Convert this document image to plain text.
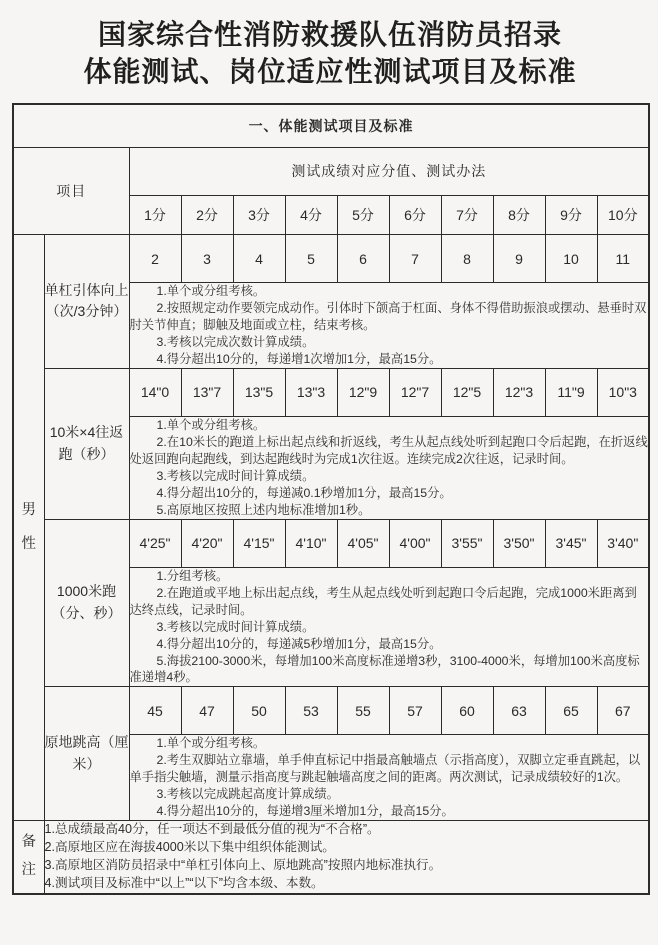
国家综合性消防救援队伍消防员招录
体能测试、岗位适应性测试项目及标准
一、体能测试项目及标准											
项目		测试成绩对应分值、测试办法									
		1分	2分	3分	4分	5分	6分	7分	8分	9分	10分

男性	单杠引体向上（次/3分钟）	2	3	4	5	6	7	8	9	10	11

		1.单个或分组考核。

2.按照规定动作要领完成动作。引体时下颌高于杠面、身体不得借助振浪或摆动、悬垂时双肘关节伸直；脚触及地面或立柱，结束考核。

3.考核以完成次数计算成绩。

4.得分超出10分的，每递增1次增加1分，最高15分。									

	10米×4往返跑（秒）	14"0	13"7	13"5	13"3	12"9	12"7	12"5	12"3	11"9	10"3

		1.单个或分组考核。

2.在10米长的跑道上标出起点线和折返线，考生从起点线处听到起跑口令后起跑，在折返线处返回跑向起跑线，到达起跑线时为完成1次往返。连续完成2次往返，记录时间。

3.考核以完成时间计算成绩。

4.得分超出10分的，每递减0.1秒增加1分，最高15分。

5.高原地区按照上述内地标准增加1秒。									

	1000米跑（分、秒）	4'25"	4'20"	4'15"	4'10"	4'05"	4'00"	3'55"	3'50"	3'45"	3'40"

		1.分组考核。

2.在跑道或平地上标出起点线，考生从起点线处听到起跑口令后起跑，完成1000米距离到达终点线，记录时间。

3.考核以完成时间计算成绩。

4.得分超出10分的，每递减5秒增加1分，最高15分。

5.海拔2100-3000米，每增加100米高度标准递增3秒，3100-4000米，每增加100米高度标准递增4秒。									

	原地跳高（厘米）	45	47	50	53	55	57	60	63	65	67

		1.单个或分组考核。

2.考生双脚站立靠墙，单手伸直标记中指最高触墙点（示指高度），双脚立定垂直跳起，以单手指尖触墙，测量示指高度与跳起触墙高度之间的距离。两次测试，记录成绩较好的1次。

3.考核以完成跳起高度计算成绩。

4.得分超出10分的，每递增3厘米增加1分，最高15分。									

备注	1.总成绩最高40分，任一项达不到最低分值的视为“不合格”。

2.高原地区应在海拔4000米以下集中组织体能测试。

3.高原地区消防员招录中“单杠引体向上、原地跳高”按照内地标准执行。

4.测试项目及标准中“以上”“以下”均含本级、本数。										
